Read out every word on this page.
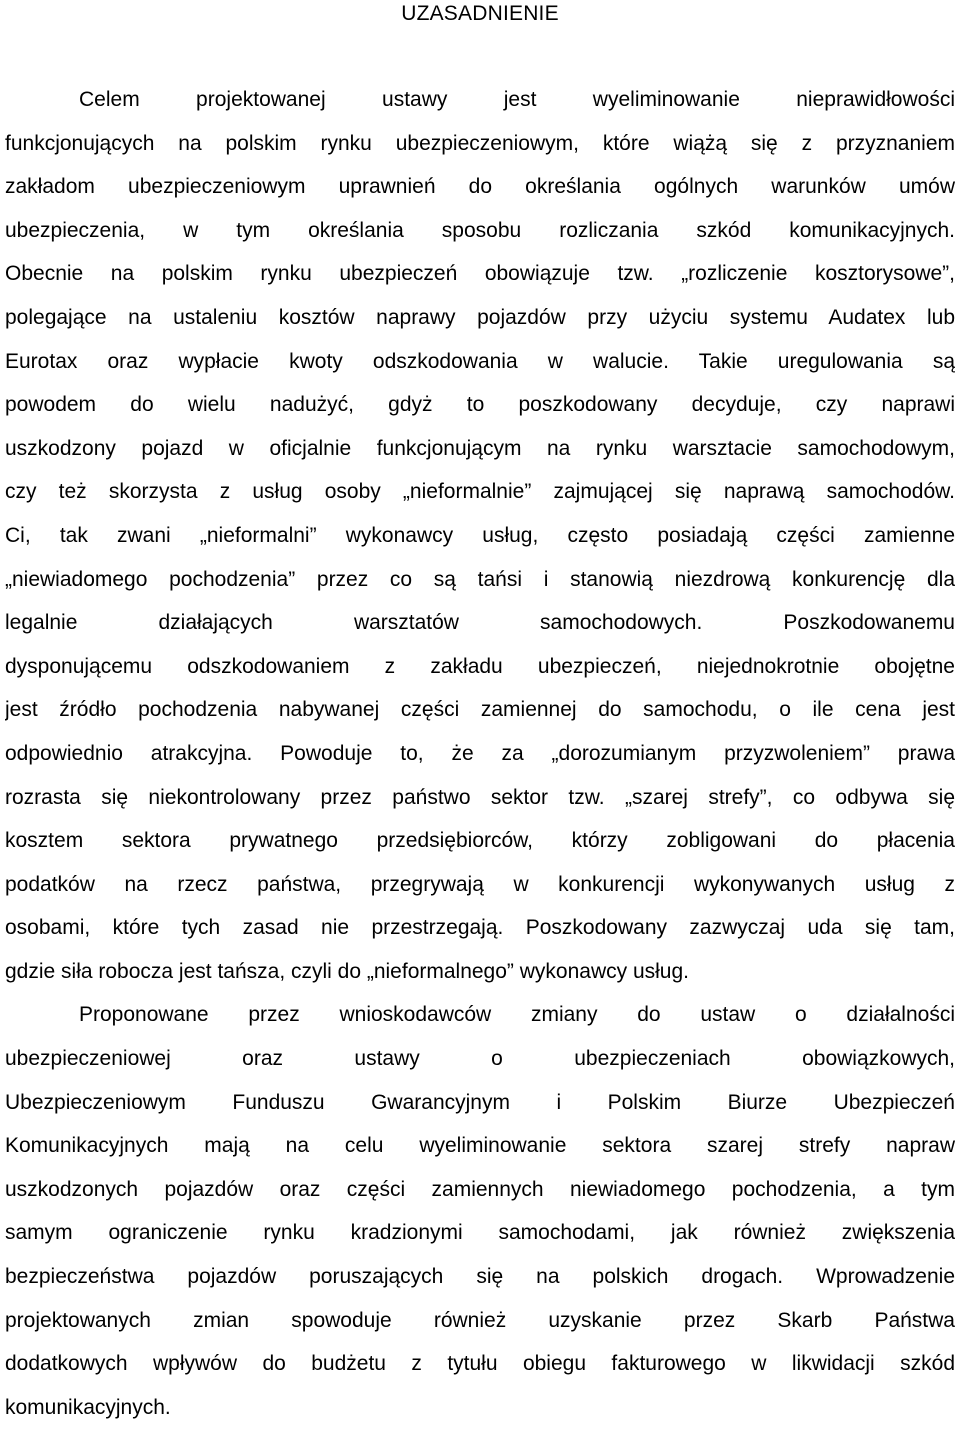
UZASADNIENIE
Celem projektowanej ustawy jest wyeliminowanie nieprawidłowości
funkcjonujących na polskim rynku ubezpieczeniowym, które wiążą się z przyznaniem
zakładom ubezpieczeniowym uprawnień do określania ogólnych warunków umów
ubezpieczenia, w tym określania sposobu rozliczania szkód komunikacyjnych.
Obecnie na polskim rynku ubezpieczeń obowiązuje tzw. „rozliczenie kosztorysowe”,
polegające na ustaleniu kosztów naprawy pojazdów przy użyciu systemu Audatex lub
Eurotax oraz wypłacie kwoty odszkodowania w walucie. Takie uregulowania są
powodem do wielu nadużyć, gdyż to poszkodowany decyduje, czy naprawi
uszkodzony pojazd w oficjalnie funkcjonującym na rynku warsztacie samochodowym,
czy też skorzysta z usług osoby „nieformalnie” zajmującej się naprawą samochodów.
Ci, tak zwani „nieformalni” wykonawcy usług, często posiadają części zamienne
„niewiadomego pochodzenia” przez co są tańsi i stanowią niezdrową konkurencję dla
legalnie działających warsztatów samochodowych. Poszkodowanemu
dysponującemu odszkodowaniem z zakładu ubezpieczeń, niejednokrotnie obojętne
jest źródło pochodzenia nabywanej części zamiennej do samochodu, o ile cena jest
odpowiednio atrakcyjna. Powoduje to, że za „dorozumianym przyzwoleniem” prawa
rozrasta się niekontrolowany przez państwo sektor tzw. „szarej strefy”, co odbywa się
kosztem sektora prywatnego przedsiębiorców, którzy zobligowani do płacenia
podatków na rzecz państwa, przegrywają w konkurencji wykonywanych usług z
osobami, które tych zasad nie przestrzegają. Poszkodowany zazwyczaj uda się tam,
gdzie siła robocza jest tańsza, czyli do „nieformalnego” wykonawcy usług.
Proponowane przez wnioskodawców zmiany do ustaw o działalności
ubezpieczeniowej oraz ustawy o ubezpieczeniach obowiązkowych,
Ubezpieczeniowym Funduszu Gwarancyjnym i Polskim Biurze Ubezpieczeń
Komunikacyjnych mają na celu wyeliminowanie sektora szarej strefy napraw
uszkodzonych pojazdów oraz części zamiennych niewiadomego pochodzenia, a tym
samym ograniczenie rynku kradzionymi samochodami, jak również zwiększenia
bezpieczeństwa pojazdów poruszających się na polskich drogach. Wprowadzenie
projektowanych zmian spowoduje również uzyskanie przez Skarb Państwa
dodatkowych wpływów do budżetu z tytułu obiegu fakturowego w likwidacji szkód
komunikacyjnych.
